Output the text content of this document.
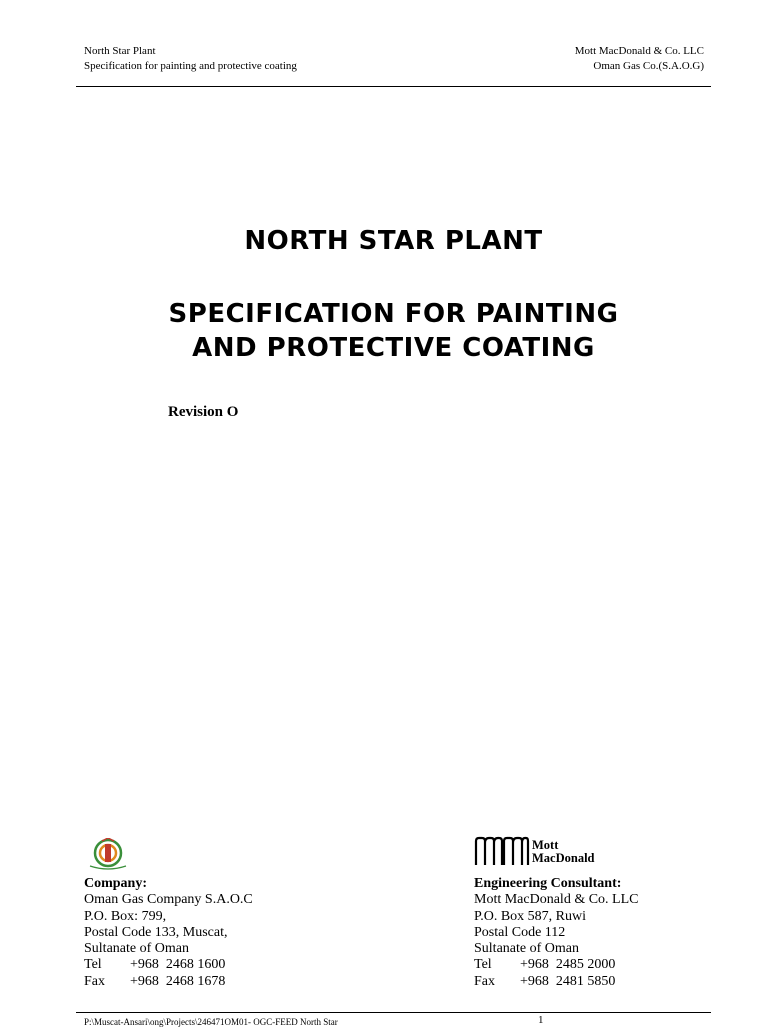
North Star Plant
Specification for painting and protective coating
Mott MacDonald & Co. LLC
Oman Gas Co.(S.A.O.G)
NORTH STAR PLANT
SPECIFICATION FOR PAINTING
AND PROTECTIVE COATING
Revision O
Mott
MacDonald
Company:
Oman Gas Company S.A.O.C
P.O. Box: 799,
Postal Code 133, Muscat,
Sultanate of Oman
Tel	+968  2468 1600
Fax	+968  2468 1678
Engineering Consultant:
Mott MacDonald & Co. LLC
P.O. Box 587, Ruwi
Postal Code 112
Sultanate of Oman
Tel	+968  2485 2000
Fax	+968  2481 5850
P:\Muscat-Ansari\ong\Projects\246471OM01- OGC-FEED North Star	1
